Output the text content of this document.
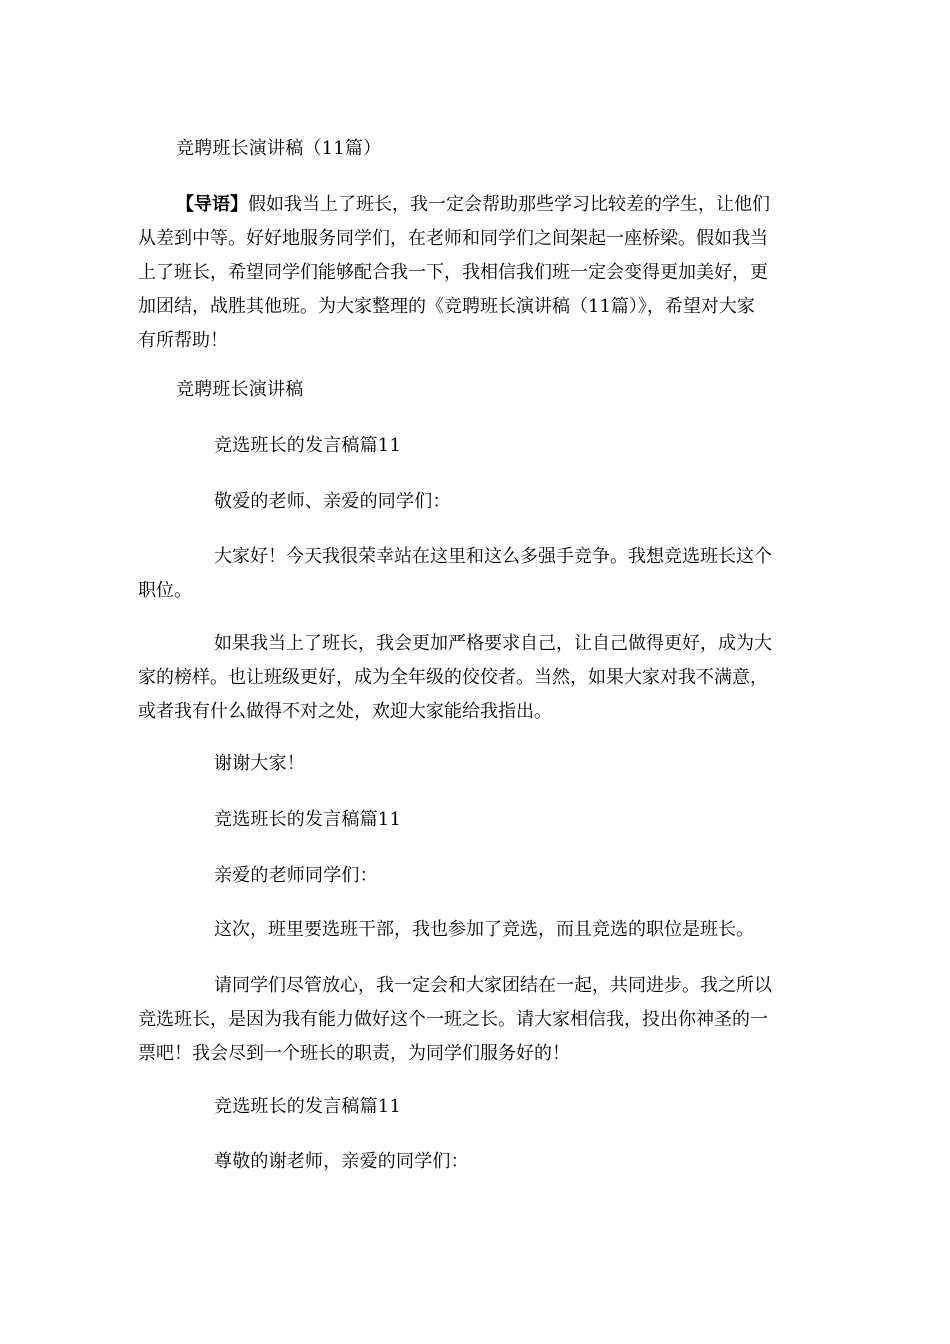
竞聘班长演讲稿（11篇）
【导语】假如我当上了班长，我一定会帮助那些学习比较差的学生，让他们
从差到中等。好好地服务同学们，在老师和同学们之间架起一座桥梁。假如我当
上了班长，希望同学们能够配合我一下，我相信我们班一定会变得更加美好，更
加团结，战胜其他班。为大家整理的《竞聘班长演讲稿（11篇）》，希望对大家
有所帮助！
竞聘班长演讲稿
竞选班长的发言稿篇11
敬爱的老师、亲爱的同学们：
大家好！今天我很荣幸站在这里和这么多强手竞争。我想竞选班长这个
职位。
如果我当上了班长，我会更加严格要求自己，让自己做得更好，成为大
家的榜样。也让班级更好，成为全年级的佼佼者。当然，如果大家对我不满意，
或者我有什么做得不对之处，欢迎大家能给我指出。
谢谢大家！
竞选班长的发言稿篇11
亲爱的老师同学们：
这次，班里要选班干部，我也参加了竞选，而且竞选的职位是班长。
请同学们尽管放心，我一定会和大家团结在一起，共同进步。我之所以
竞选班长，是因为我有能力做好这个一班之长。请大家相信我，投出你神圣的一
票吧！我会尽到一个班长的职责，为同学们服务好的！
竞选班长的发言稿篇11
尊敬的谢老师，亲爱的同学们：
